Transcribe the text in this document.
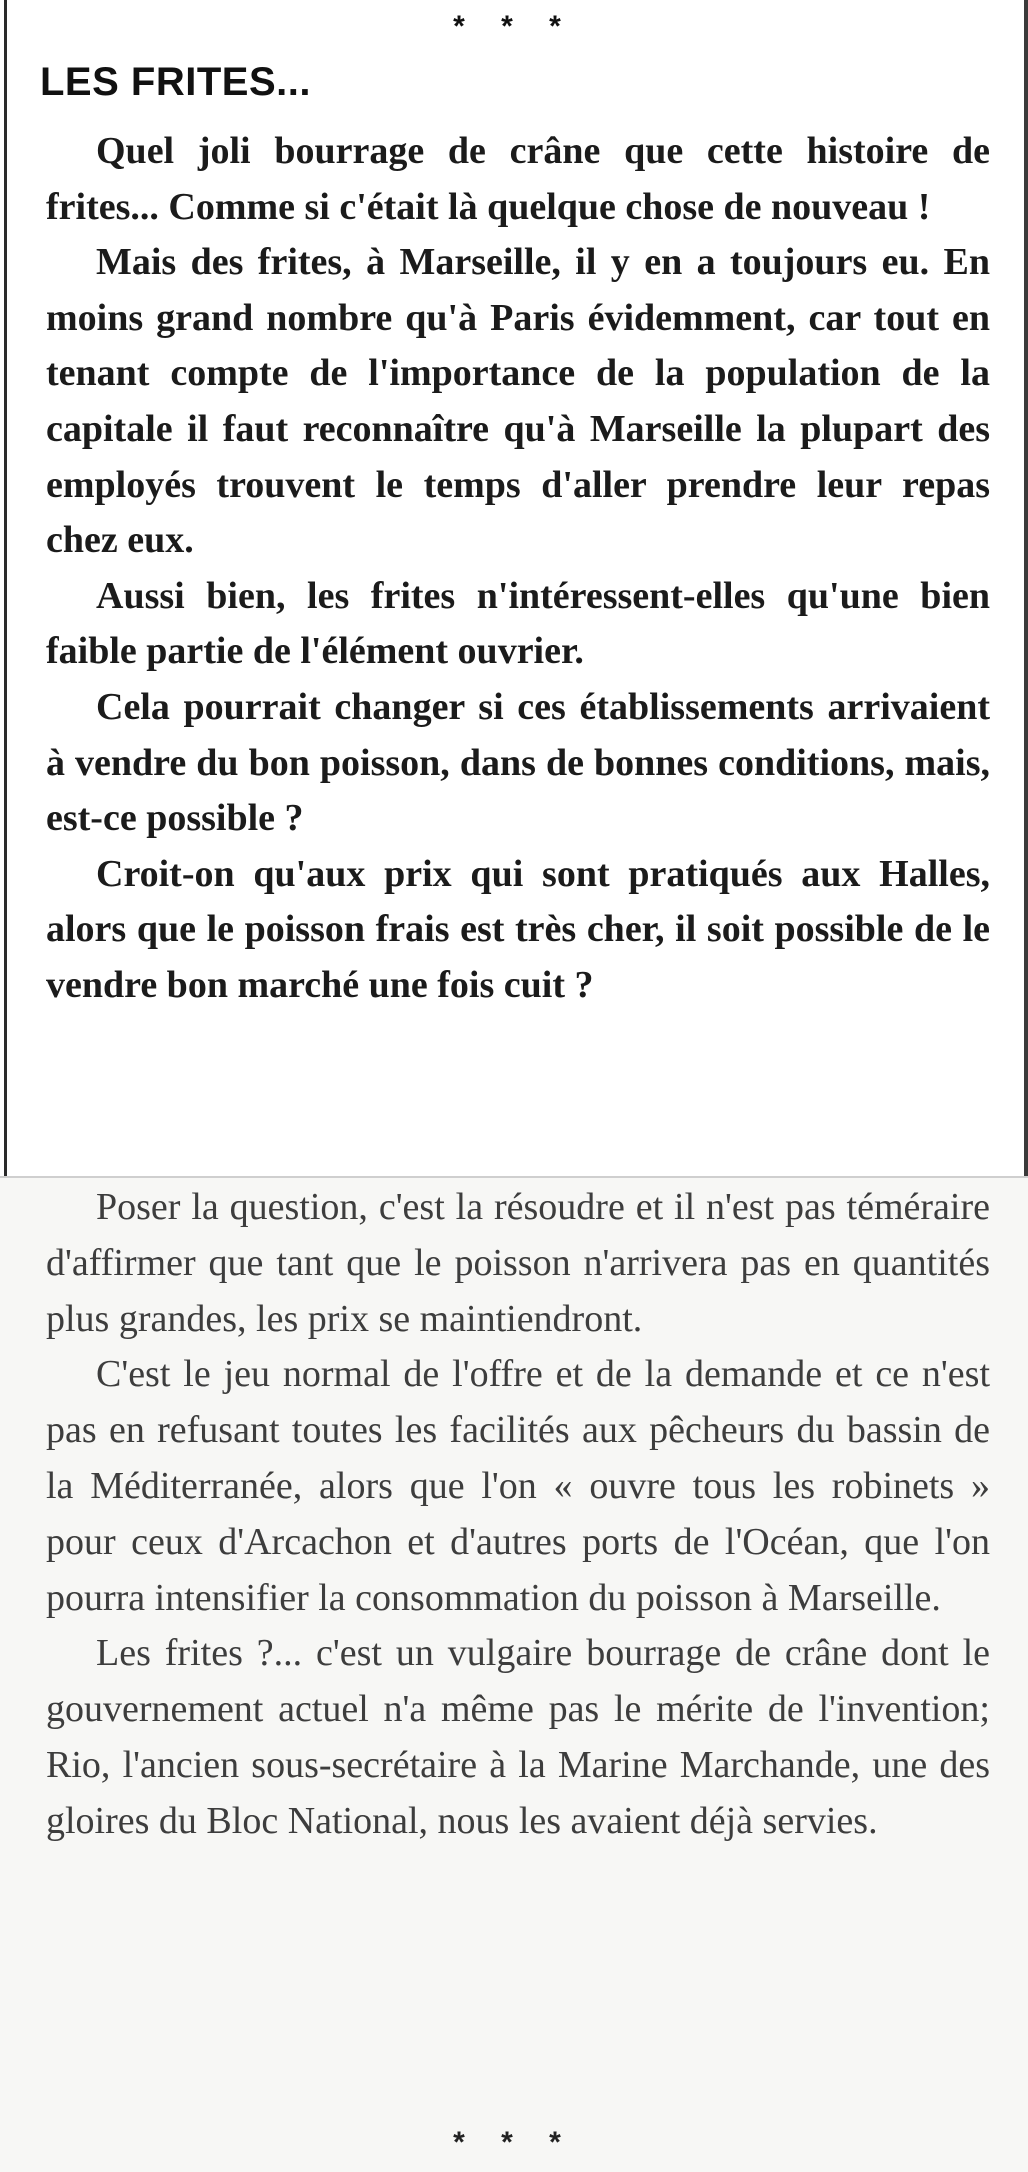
* * *
LES FRITES...

Quel joli bourrage de crâne que cette histoire de frites... Comme si c'était là quelque chose de nouveau !

Mais des frites, à Marseille, il y en a toujours eu. En moins grand nombre qu'à Paris évidemment, car tout en tenant compte de l'importance de la population de la capitale il faut reconnaître qu'à Marseille la plupart des employés trouvent le temps d'aller prendre leur repas chez eux.

Aussi bien, les frites n'intéressent-elles qu'une bien faible partie de l'élément ouvrier.

Cela pourrait changer si ces établissements arrivaient à vendre du bon poisson, dans de bonnes conditions, mais, est-ce possible ?

Croit-on qu'aux prix qui sont pratiqués aux Halles, alors que le poisson frais est très cher, il soit possible de le vendre bon marché une fois cuit ?

Poser la question, c'est la résoudre et il n'est pas téméraire d'affirmer que tant que le poisson n'arrivera pas en quantités plus grandes, les prix se maintiendront.

C'est le jeu normal de l'offre et de la demande et ce n'est pas en refusant toutes les facilités aux pêcheurs du bassin de la Méditerranée, alors que l'on « ouvre tous les robinets » pour ceux d'Arcachon et d'autres ports de l'Océan, que l'on pourra intensifier la consommation du poisson à Marseille.

Les frites ?... c'est un vulgaire bourrage de crâne dont le gouvernement actuel n'a même pas le mérite de l'invention; Rio, l'ancien sous-secrétaire à la Marine Marchande, une des gloires du Bloc National, nous les avaient déjà servies.

* * *
